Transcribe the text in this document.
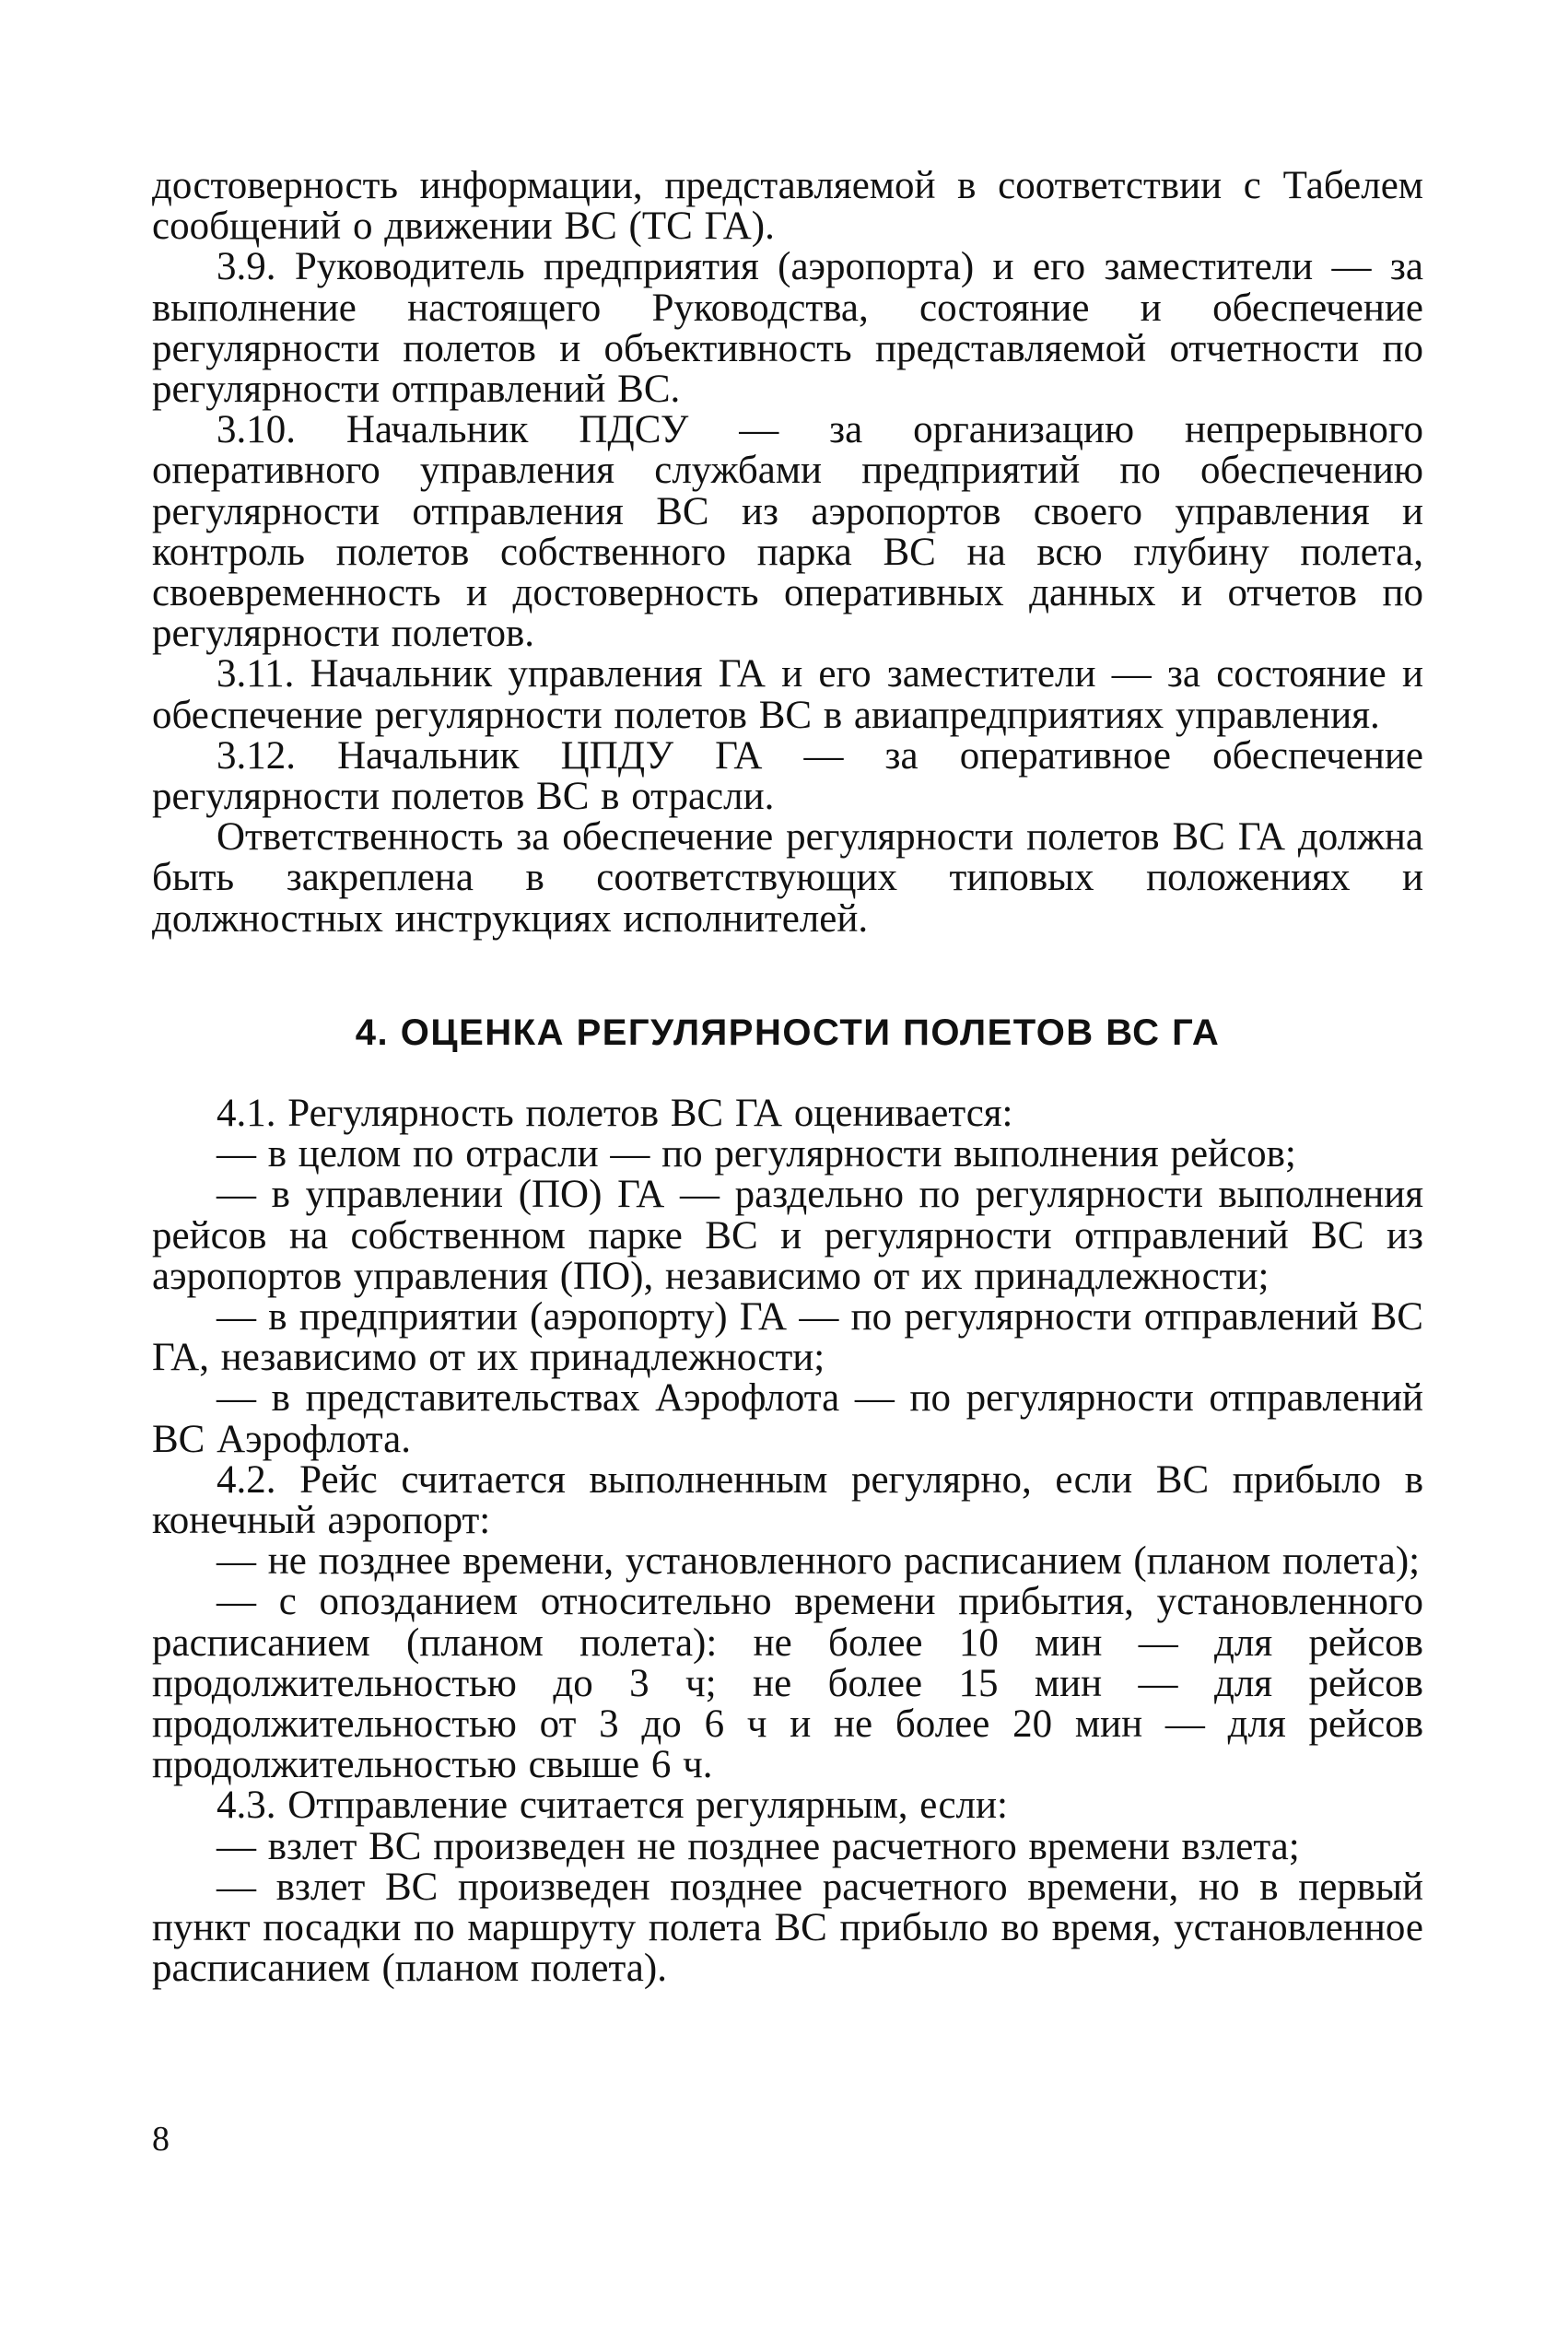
достоверность информации, представляемой в соответствии с Табелем сообщений о движении ВС (ТС ГА).

3.9. Руководитель предприятия (аэропорта) и его заместители — за выполнение настоящего Руководства, состояние и обеспечение регулярности полетов и объективность представляемой отчетности по регулярности отправлений ВС.

3.10. Начальник ПДСУ — за организацию непрерывного оперативного управления службами предприятий по обеспечению регулярности отправления ВС из аэропортов своего управления и контроль полетов собственного парка ВС на всю глубину полета, своевременность и достоверность оперативных данных и отчетов по регулярности полетов.

3.11. Начальник управления ГА и его заместители — за состояние и обеспечение регулярности полетов ВС в авиапредприятиях управления.

3.12. Начальник ЦПДУ ГА — за оперативное обеспечение регулярности полетов ВС в отрасли.

Ответственность за обеспечение регулярности полетов ВС ГА должна быть закреплена в соответствующих типовых положениях и должностных инструкциях исполнителей.

4. ОЦЕНКА РЕГУЛЯРНОСТИ ПОЛЕТОВ ВС ГА

4.1. Регулярность полетов ВС ГА оценивается:

— в целом по отрасли — по регулярности выполнения рейсов;

— в управлении (ПО) ГА — раздельно по регулярности выполнения рейсов на собственном парке ВС и регулярности отправлений ВС из аэропортов управления (ПО), независимо от их принадлежности;

— в предприятии (аэропорту) ГА — по регулярности отправлений ВС ГА, независимо от их принадлежности;

— в представительствах Аэрофлота — по регулярности отправлений ВС Аэрофлота.

4.2. Рейс считается выполненным регулярно, если ВС прибыло в конечный аэропорт:

— не позднее времени, установленного расписанием (планом полета);

— с опозданием относительно времени прибытия, установленного расписанием (планом полета): не более 10 мин — для рейсов продолжительностью до 3 ч; не более 15 мин — для рейсов продолжительностью от 3 до 6 ч и не более 20 мин — для рейсов продолжительностью свыше 6 ч.

4.3. Отправление считается регулярным, если:

— взлет ВС произведен не позднее расчетного времени взлета;

— взлет ВС произведен позднее расчетного времени, но в первый пункт посадки по маршруту полета ВС прибыло во время, установленное расписанием (планом полета).

8
